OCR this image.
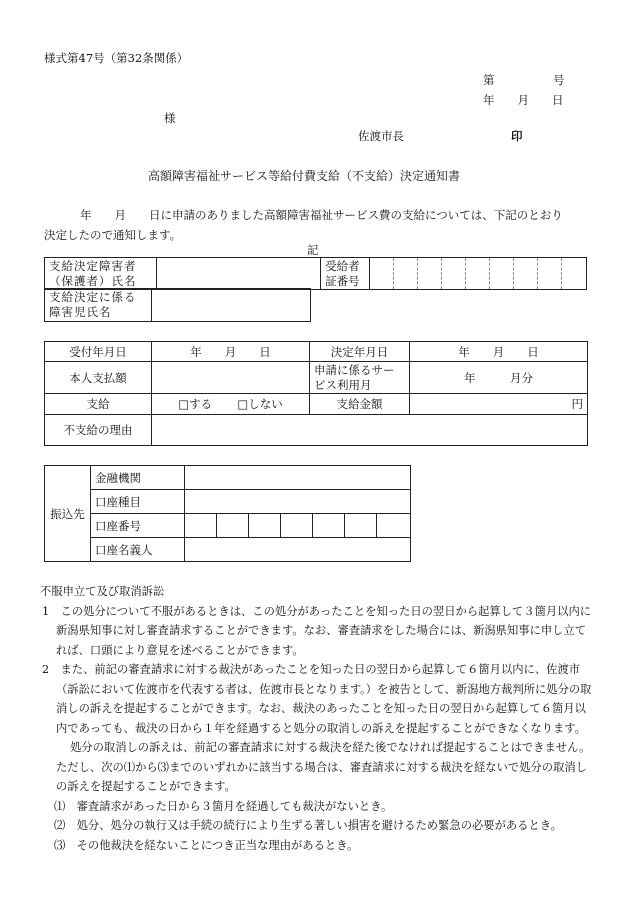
様式第47号（第32条関係）
第	号
年　　月　　日
様
佐渡市長	印
高額障害福祉サービス等給付費支給（不支給）決定通知書
年　　月　　日に申請のありました高額障害福祉サービス費の支給については、下記のとおり
決定したので通知します。
記
支給決定障害者（保護者）氏名		受給者証番号									
支給決定に係る障害児氏名	
受付年月日	年　　月　　日	決定年月日	年　　月　　日
本人支払額		申請に係るサービス利用月	年　　　月分
支給	□する □しない	支給金額	円
不支給の理由			
振込先	金融機関							
	口座種目							
	口座番号							
	口座名義人							

不服申立て及び取消訴訟

1　この処分について不服があるときは、この処分があったことを知った日の翌日から起算して３箇月以内に新潟県知事に対し審査請求することができます。なお、審査請求をした場合には、新潟県知事に申し立てれば、口頭により意見を述べることができます。

2　また、前記の審査請求に対する裁決があったことを知った日の翌日から起算して６箇月以内に、佐渡市（訴訟において佐渡市を代表する者は、佐渡市長となります。）を被告として、新潟地方裁判所に処分の取消しの訴えを提起することができます。なお、裁決のあったことを知った日の翌日から起算して６箇月以内であっても、裁決の日から１年を経過すると処分の取消しの訴えを提起することができなくなります。

処分の取消しの訴えは、前記の審査請求に対する裁決を経た後でなければ提起することはできません。ただし、次の⑴から⑶までのいずれかに該当する場合は、審査請求に対する裁決を経ないで処分の取消しの訴えを提起することができます。

⑴　審査請求があった日から３箇月を経過しても裁決がないとき。

⑵　処分、処分の執行又は手続の続行により生ずる著しい損害を避けるため緊急の必要があるとき。

⑶　その他裁決を経ないことにつき正当な理由があるとき。
